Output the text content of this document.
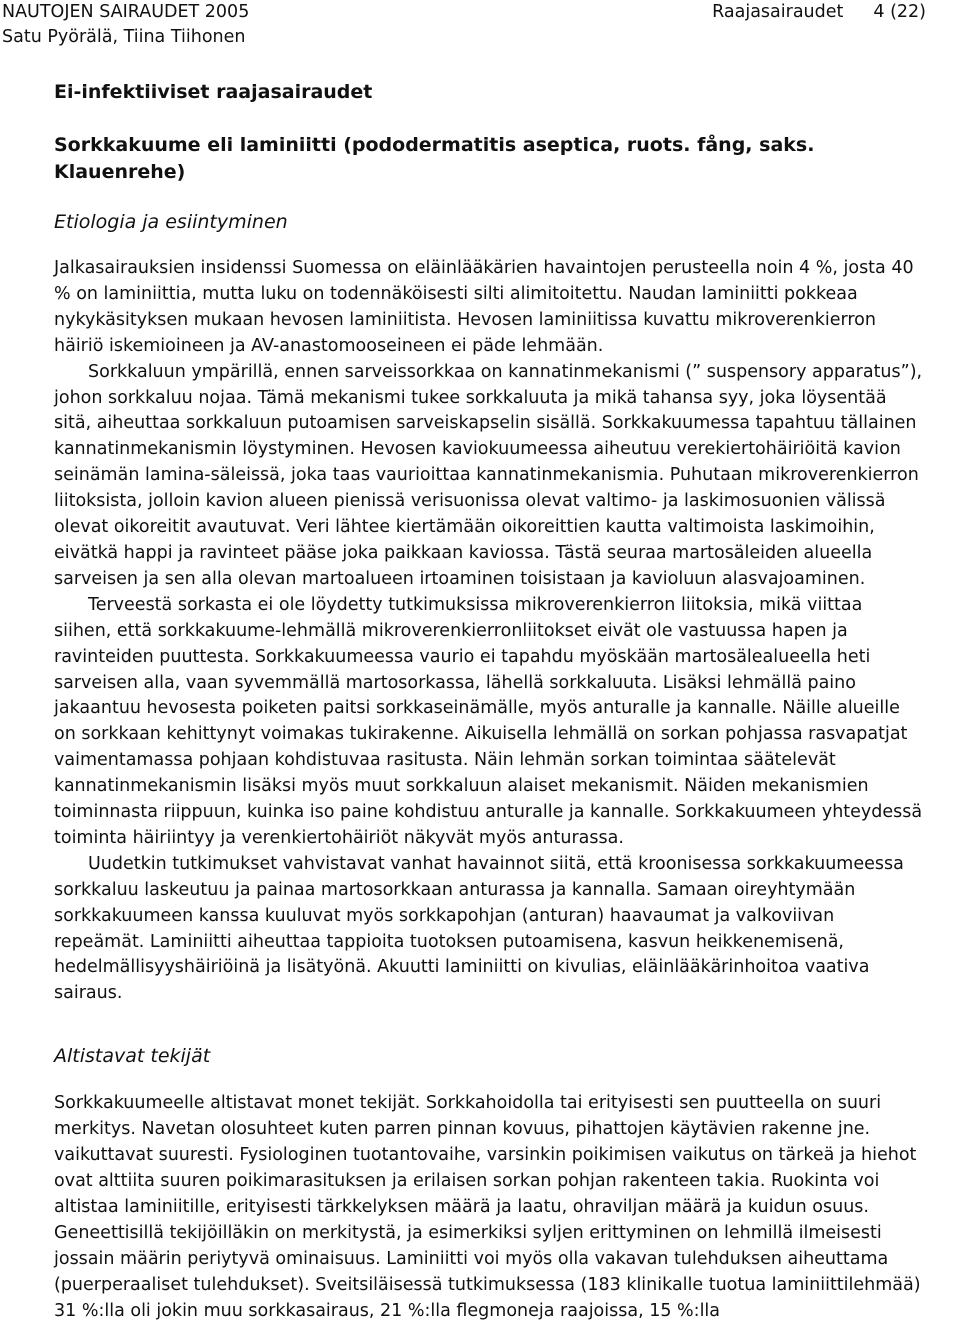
NAUTOJEN SAIRAUDET 2005	Raajasairaudet 4 (22)
Satu Pyörälä, Tiina Tiihonen
Ei-infektiiviset raajasairaudet
Sorkkakuume eli laminiitti (pododermatitis aseptica, ruots. fång, saks. Klauenrehe)
Etiologia ja esiintyminen

Jalkasairauksien insidenssi Suomessa on eläinlääkärien havaintojen perusteella noin 4 %, josta 40 % on laminiittia, mutta luku on todennäköisesti silti alimitoitettu. Naudan laminiitti pokkeaa nykykäsityksen mukaan hevosen laminiitista. Hevosen laminiitissa kuvattu mikroverenkierron häiriö iskemioineen ja AV-anastomooseineen ei päde lehmään.

Sorkkaluun ympärillä, ennen sarveissorkkaa on kannatinmekanismi (” suspensory apparatus”), johon sorkkaluu nojaa. Tämä mekanismi tukee sorkkaluuta ja mikä tahansa syy, joka löysentää sitä, aiheuttaa sorkkaluun putoamisen sarveiskapselin sisällä. Sorkkakuumessa tapahtuu tällainen kannatinmekanismin löystyminen. Hevosen kaviokuumeessa aiheutuu verekiertohäiriöitä kavion seinämän lamina-säleissä, joka taas vaurioittaa kannatinmekanismia. Puhutaan mikroverenkierron liitoksista, jolloin kavion alueen pienissä verisuonissa olevat valtimo- ja laskimosuonien välissä olevat oikoreitit avautuvat. Veri lähtee kiertämään oikoreittien kautta valtimoista laskimoihin, eivätkä happi ja ravinteet pääse joka paikkaan kaviossa. Tästä seuraa martosäleiden alueella sarveisen ja sen alla olevan martoalueen irtoaminen toisistaan ja kavioluun alasvajoaminen.

Terveestä sorkasta ei ole löydetty tutkimuksissa mikroverenkierron liitoksia, mikä viittaa siihen, että sorkkakuume-lehmällä mikroverenkierronliitokset eivät ole vastuussa hapen ja ravinteiden puuttesta. Sorkkakuumeessa vaurio ei tapahdu myöskään martosälealueella heti sarveisen alla, vaan syvemmällä martosorkassa, lähellä sorkkaluuta. Lisäksi lehmällä paino jakaantuu hevosesta poiketen paitsi sorkkaseinämälle, myös anturalle ja kannalle. Näille alueille on sorkkaan kehittynyt voimakas tukirakenne. Aikuisella lehmällä on sorkan pohjassa rasvapatjat vaimentamassa pohjaan kohdistuvaa rasitusta. Näin lehmän sorkan toimintaa säätelevät kannatinmekanismin lisäksi myös muut sorkkaluun alaiset mekanismit. Näiden mekanismien toiminnasta riippuun, kuinka iso paine kohdistuu anturalle ja kannalle. Sorkkakuumeen yhteydessä toiminta häiriintyy ja verenkiertohäiriöt näkyvät myös anturassa.

Uudetkin tutkimukset vahvistavat vanhat havainnot siitä, että kroonisessa sorkkakuumeessa sorkkaluu laskeutuu ja painaa martosorkkaan anturassa ja kannalla. Samaan oireyhtymään sorkkakuumeen kanssa kuuluvat myös sorkkapohjan (anturan) haavaumat ja valkoviivan repeämät. Laminiitti aiheuttaa tappioita tuotoksen putoamisena, kasvun heikkenemisenä, hedelmällisyyshäiriöinä ja lisätyönä. Akuutti laminiitti on kivulias, eläinlääkärinhoitoa vaativa sairaus.

Altistavat tekijät

Sorkkakuumeelle altistavat monet tekijät. Sorkkahoidolla tai erityisesti sen puutteella on suuri merkitys. Navetan olosuhteet kuten parren pinnan kovuus, pihattojen käytävien rakenne jne. vaikuttavat suuresti. Fysiologinen tuotantovaihe, varsinkin poikimisen vaikutus on tärkeä ja hiehot ovat alttiita suuren poikimarasituksen ja erilaisen sorkan pohjan rakenteen takia. Ruokinta voi altistaa laminiitille, erityisesti tärkkelyksen määrä ja laatu, ohraviljan määrä ja kuidun osuus. Geneettisillä tekijöilläkin on merkitystä, ja esimerkiksi syljen erittyminen on lehmillä ilmeisesti jossain määrin periytyvä ominaisuus. Laminiitti voi myös olla vakavan tulehduksen aiheuttama (puerperaaliset tulehdukset). Sveitsiläisessä tutkimuksessa (183 klinikalle tuotua laminiittilehmää) 31 %:lla oli jokin muu sorkkasairaus, 21 %:lla flegmoneja raajoissa, 15 %:lla
